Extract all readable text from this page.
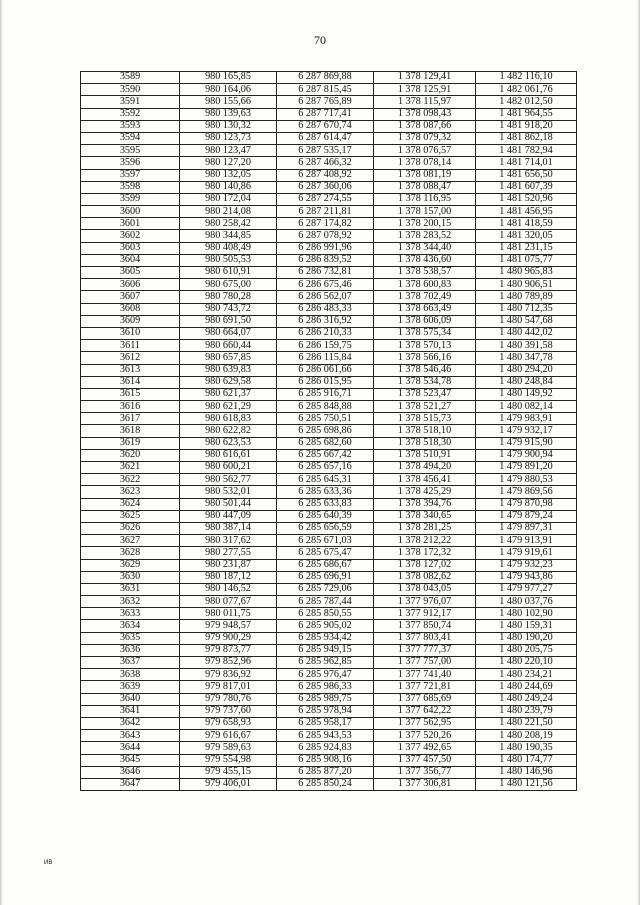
70
3589	980 165,85	6 287 869,88	1 378 129,41	1 482 116,10
3590	980 164,06	6 287 815,45	1 378 125,91	1 482 061,76
3591	980 155,66	6 287 765,89	1 378 115,97	1 482 012,50
3592	980 139,63	6 287 717,41	1 378 098,43	1 481 964,55
3593	980 130,32	6 287 670,74	1 378 087,66	1 481 918,20
3594	980 123,73	6 287 614,47	1 378 079,32	1 481 862,18
3595	980 123,47	6 287 535,17	1 378 076,57	1 481 782,94
3596	980 127,20	6 287 466,32	1 378 078,14	1 481 714,01
3597	980 132,05	6 287 408,92	1 378 081,19	1 481 656,50
3598	980 140,86	6 287 360,06	1 378 088,47	1 481 607,39
3599	980 172,04	6 287 274,55	1 378 116,95	1 481 520,96
3600	980 214,08	6 287 211,81	1 378 157,00	1 481 456,95
3601	980 258,42	6 287 174,82	1 378 200,15	1 481 418,59
3602	980 344,85	6 287 078,92	1 378 283,52	1 481 320,05
3603	980 408,49	6 286 991,96	1 378 344,40	1 481 231,15
3604	980 505,53	6 286 839,52	1 378 436,60	1 481 075,77
3605	980 610,91	6 286 732,81	1 378 538,57	1 480 965,83
3606	980 675,00	6 286 675,46	1 378 600,83	1 480 906,51
3607	980 780,28	6 286 562,07	1 378 702,49	1 480 789,89
3608	980 743,72	6 286 483,33	1 378 663,49	1 480 712,35
3609	980 691,50	6 286 316,92	1 378 606,09	1 480 547,68
3610	980 664,07	6 286 210,33	1 378 575,34	1 480 442,02
3611	980 660,44	6 286 159,75	1 378 570,13	1 480 391,58
3612	980 657,85	6 286 115,84	1 378 566,16	1 480 347,78
3613	980 639,83	6 286 061,66	1 378 546,46	1 480 294,20
3614	980 629,58	6 286 015,95	1 378 534,78	1 480 248,84
3615	980 621,37	6 285 916,71	1 378 523,47	1 480 149,92
3616	980 621,29	6 285 848,88	1 378 521,27	1 480 082,14
3617	980 618,83	6 285 750,51	1 378 515,73	1 479 983,91
3618	980 622,82	6 285 698,86	1 378 518,10	1 479 932,17
3619	980 623,53	6 285 682,60	1 378 518,30	1 479 915,90
3620	980 616,61	6 285 667,42	1 378 510,91	1 479 900,94
3621	980 600,21	6 285 657,16	1 378 494,20	1 479 891,20
3622	980 562,77	6 285 645,31	1 378 456,41	1 479 880,53
3623	980 532,01	6 285 633,36	1 378 425,29	1 479 869,56
3624	980 501,44	6 285 633,83	1 378 394,76	1 479 870,98
3625	980 447,09	6 285 640,39	1 378 340,65	1 479 879,24
3626	980 387,14	6 285 656,59	1 378 281,25	1 479 897,31
3627	980 317,62	6 285 671,03	1 378 212,22	1 479 913,91
3628	980 277,55	6 285 675,47	1 378 172,32	1 479 919,61
3629	980 231,87	6 285 686,67	1 378 127,02	1 479 932,23
3630	980 187,12	6 285 696,91	1 378 082,62	1 479 943,86
3631	980 146,52	6 285 729,06	1 378 043,05	1 479 977,27
3632	980 077,67	6 285 787,44	1 377 976,07	1 480 037,76
3633	980 011,75	6 285 850,55	1 377 912,17	1 480 102,90
3634	979 948,57	6 285 905,02	1 377 850,74	1 480 159,31
3635	979 900,29	6 285 934,42	1 377 803,41	1 480 190,20
3636	979 873,77	6 285 949,15	1 377 777,37	1 480 205,75
3637	979 852,96	6 285 962,85	1 377 757,00	1 480 220,10
3638	979 836,92	6 285 976,47	1 377 741,40	1 480 234,21
3639	979 817,01	6 285 986,33	1 377 721,81	1 480 244,69
3640	979 780,76	6 285 989,75	1 377 685,69	1 480 249,24
3641	979 737,60	6 285 978,94	1 377 642,22	1 480 239,79
3642	979 658,93	6 285 958,17	1 377 562,95	1 480 221,50
3643	979 616,67	6 285 943,53	1 377 520,26	1 480 208,19
3644	979 589,63	6 285 924,83	1 377 492,65	1 480 190,35
3645	979 554,98	6 285 908,16	1 377 457,50	1 480 174,77
3646	979 455,15	6 285 877,20	1 377 356,77	1 480 146,96
3647	979 406,01	6 285 850,24	1 377 306,81	1 480 121,56
ИВ
